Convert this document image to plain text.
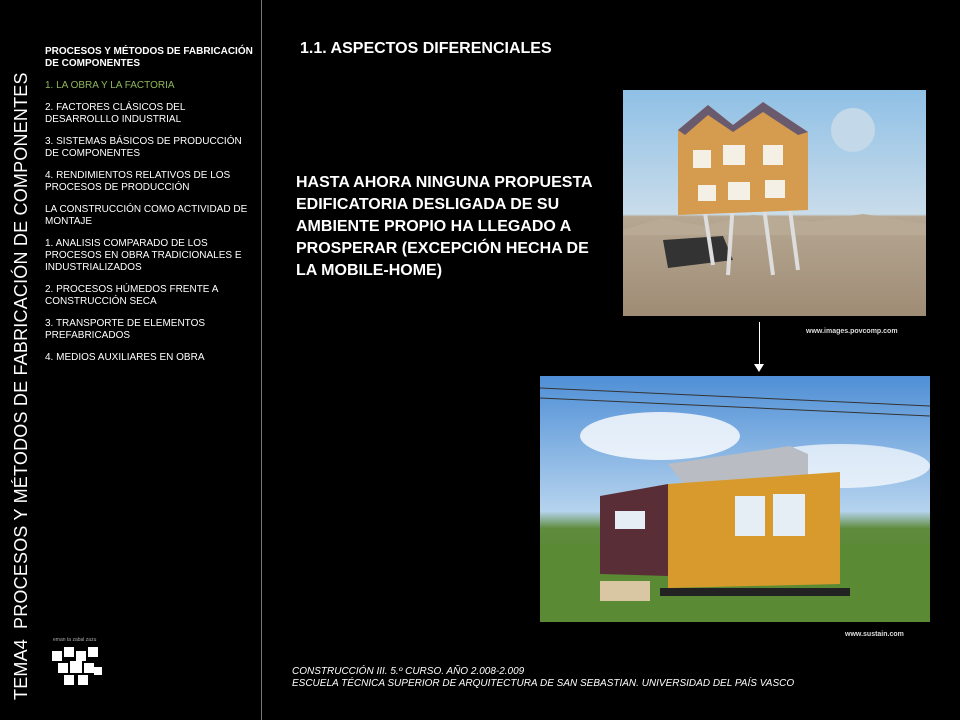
TEMA4PROCESOS Y MÉTODOS DE FABRICACIÓN DE COMPONENTES
PROCESOS Y MÉTODOS DE FABRICACIÓN
DE COMPONENTES
1. LA OBRA Y LA FACTORIA
2. FACTORES CLÁSICOS DEL DESARROLLLO INDUSTRIAL
3. SISTEMAS BÁSICOS DE PRODUCCIÓN DE COMPONENTES
4. RENDIMIENTOS RELATIVOS DE LOS PROCESOS DE PRODUCCIÓN
LA CONSTRUCCIÓN COMO ACTIVIDAD DE MONTAJE
1. ANALISIS COMPARADO DE LOS PROCESOS EN OBRA TRADICIONALES E INDUSTRIALIZADOS
2. PROCESOS HÚMEDOS FRENTE A CONSTRUCCIÓN SECA
3. TRANSPORTE DE ELEMENTOS PREFABRICADOS
4. MEDIOS AUXILIARES EN OBRA
eman ta zabal zazu
1.1. ASPECTOS DIFERENCIALES
HASTA AHORA NINGUNA PROPUESTA EDIFICATORIA DESLIGADA DE SU AMBIENTE PROPIO HA LLEGADO A PROSPERAR (EXCEPCIÓN HECHA DE LA MOBILE-HOME)
www.images.povcomp.com
www.sustain.com
CONSTRUCCIÓN III. 5.º CURSO. AÑO 2.008-2.009
ESCUELA TÉCNICA SUPERIOR DE ARQUITECTURA DE SAN SEBASTIAN. UNIVERSIDAD DEL PAÍS VASCO
